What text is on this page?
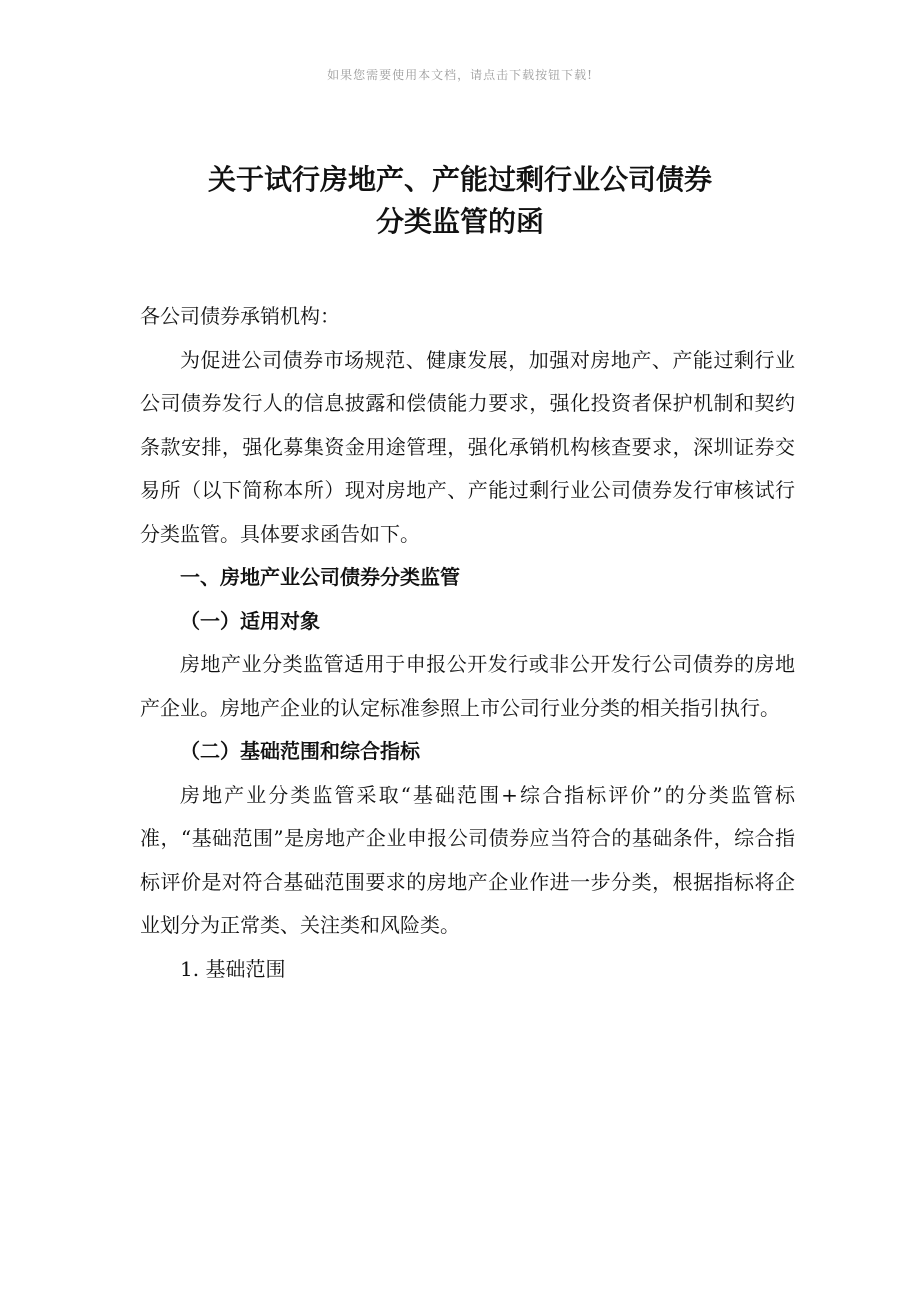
如果您需要使用本文档，请点击下载按钮下载!
关于试行房地产、产能过剩行业公司债券
分类监管的函

各公司债券承销机构：

为促进公司债券市场规范、健康发展，加强对房地产、产能过剩行业公司债券发行人的信息披露和偿债能力要求，强化投资者保护机制和契约条款安排，强化募集资金用途管理，强化承销机构核查要求，深圳证券交易所（以下简称本所）现对房地产、产能过剩行业公司债券发行审核试行分类监管。具体要求函告如下。

一、房地产业公司债券分类监管

（一）适用对象

房地产业分类监管适用于申报公开发行或非公开发行公司债券的房地产企业。房地产企业的认定标准参照上市公司行业分类的相关指引执行。

（二）基础范围和综合指标

房地产业分类监管采取“基础范围+综合指标评价”的分类监管标准，“基础范围”是房地产企业申报公司债券应当符合的基础条件，综合指标评价是对符合基础范围要求的房地产企业作进一步分类，根据指标将企业划分为正常类、关注类和风险类。

1. 基础范围
